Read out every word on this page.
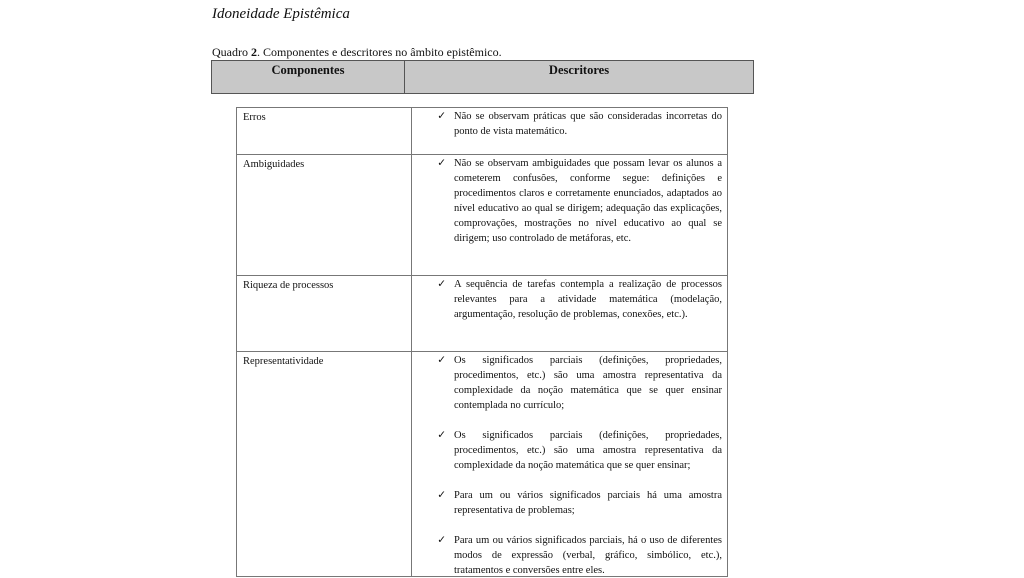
Idoneidade Epistêmica
Quadro 2. Componentes e descritores no âmbito epistêmico.
Componentes	Descritores
Erros	✓ Não se observam práticas que são consideradas incorretas do ponto de vista matemático.
Ambiguidades	✓ Não se observam ambiguidades que possam levar os alunos a cometerem confusões, conforme segue: definições e procedimentos claros e corretamente enunciados, adaptados ao nível educativo ao qual se dirigem; adequação das explicações, comprovações, mostrações no nível educativo ao qual se dirigem; uso controlado de metáforas, etc.
Riqueza de processos	✓ A sequência de tarefas contempla a realização de processos relevantes para a atividade matemática (modelação, argumentação, resolução de problemas, conexões, etc.).
Representatividade	✓ Os significados parciais (definições, propriedades, procedimentos, etc.) são uma amostra representativa da complexidade da noção matemática que se quer ensinar contemplada no currículo;
✓ Os significados parciais (definições, propriedades, procedimentos, etc.) são uma amostra representativa da complexidade da noção matemática que se quer ensinar;
✓ Para um ou vários significados parciais há uma amostra representativa de problemas;
✓ Para um ou vários significados parciais, há o uso de diferentes modos de expressão (verbal, gráfico, simbólico, etc.), tratamentos e conversões entre eles.
